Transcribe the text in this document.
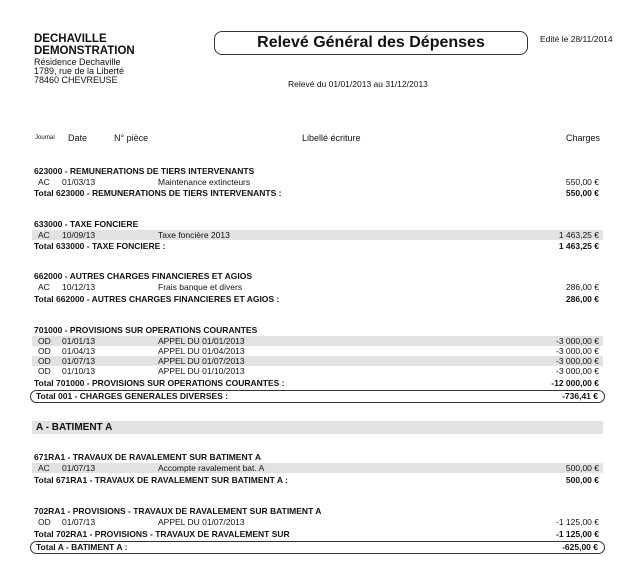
DECHAVILLE
DEMONSTRATION
Résidence Dechaville
1789, rue de la Liberté
78460 CHEVREUSE
Relevé Général des Dépenses	Edité le 28/11/2014
Relevé du 01/01/2013 au 31/12/2013
Journal Date	N° pièce	Libellé écriture	Charges
623000 - REMUNERATIONS DE TIERS INTERVENANTS
AC 01/03/13	Maintenance extincteurs	550,00 €
Total 623000 - REMUNERATIONS DE TIERS INTERVENANTS :	550,00 €
633000 - TAXE FONCIERE
AC 10/09/13	Taxe foncière 2013	1 463,25 €
Total 633000 - TAXE FONCIERE :	1 463,25 €
662000 - AUTRES CHARGES FINANCIERES ET AGIOS
AC 10/12/13	Frais banque et divers	286,00 €
Total 662000 - AUTRES CHARGES FINANCIERES ET AGIOS :	286,00 €
701000 - PROVISIONS SUR OPERATIONS COURANTES
OD 01/01/13	APPEL DU 01/01/2013	-3 000,00 €
OD 01/04/13	APPEL DU 01/04/2013	-3 000,00 €
OD 01/07/13	APPEL DU 01/07/2013	-3 000,00 €
OD 01/10/13	APPEL DU 01/10/2013	-3 000,00 €
Total 701000 - PROVISIONS SUR OPERATIONS COURANTES :	-12 000,00 €
Total 001 - CHARGES GENERALES DIVERSES :	-736,41 €
A - BATIMENT A
671RA1 - TRAVAUX DE RAVALEMENT SUR BATIMENT A
AC 01/07/13	Accompte ravalement bat. A	500,00 €
Total 671RA1 - TRAVAUX DE RAVALEMENT SUR BATIMENT A :	500,00 €
702RA1 - PROVISIONS - TRAVAUX DE RAVALEMENT SUR BATIMENT A
OD 01/07/13	APPEL DU 01/07/2013	-1 125,00 €
Total 702RA1 - PROVISIONS - TRAVAUX DE RAVALEMENT SUR	-1 125,00 €
Total A - BATIMENT A :	-625,00 €
